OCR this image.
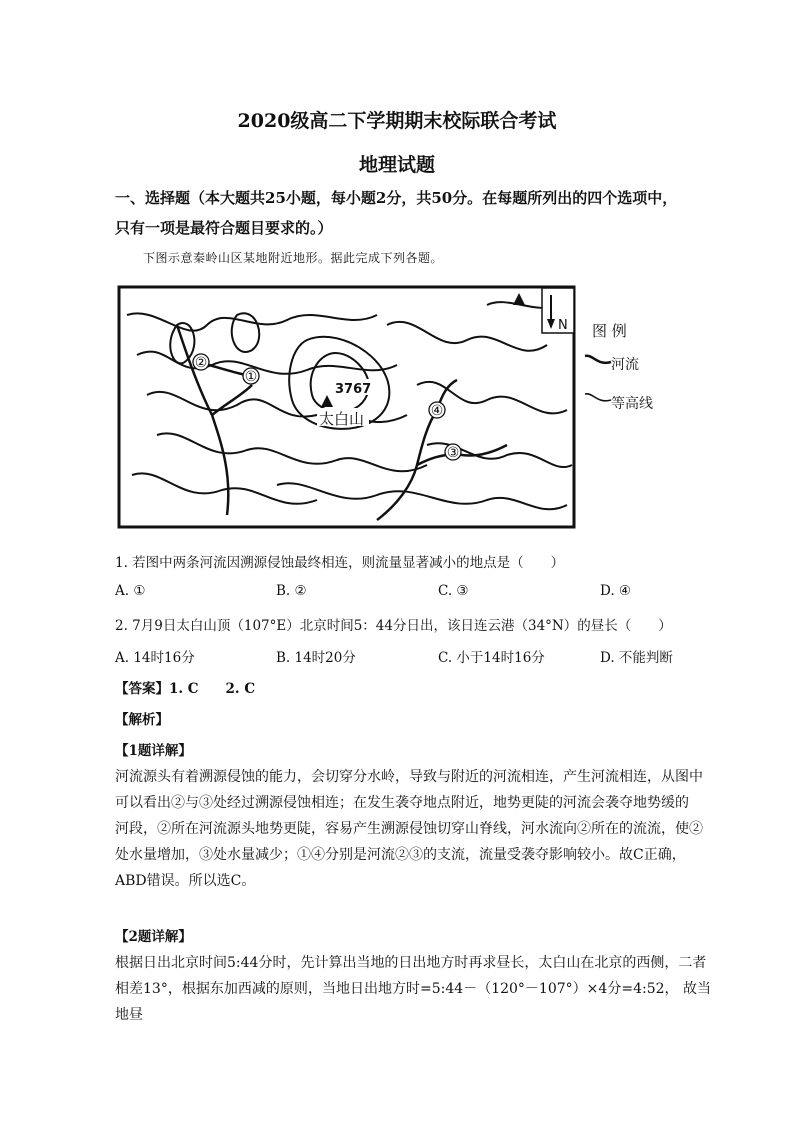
2020级高二下学期期末校际联合考试
地理试题
一、选择题（本大题共25小题，每小题2分，共50分。在每题所列出的四个选项中，
只有一项是最符合题目要求的。）
下图示意秦岭山区某地附近地形。据此完成下列各题。
3767
太白山
N
①
②
③
④
图 例
河流
等高线
1. 若图中两条河流因溯源侵蚀最终相连，则流量显著减小的地点是（　　）
A. ①	B. ②	C. ③	D. ④
2. 7月9日太白山顶（107°E）北京时间5：44分日出，该日连云港（34°N）的昼长（　　）
A. 14时16分	B. 14时20分	C. 小于14时16分	D. 不能判断
【答案】1. C　　2. C
【解析】
【1题详解】
河流源头有着溯源侵蚀的能力，会切穿分水岭，导致与附近的河流相连，产生河流相连，从图中
可以看出②与③处经过溯源侵蚀相连；在发生袭夺地点附近，地势更陡的河流会袭夺地势缓的
河段，②所在河流源头地势更陡，容易产生溯源侵蚀切穿山脊线，河水流向②所在的流流，使②
处水量增加，③处水量减少；①④分别是河流②③的支流，流量受袭夺影响较小。故C正确，
ABD错误。所以选C。
【2题详解】
根据日出北京时间5:44分时，先计算出当地的日出地方时再求昼长，太白山在北京的西侧，二者
相差13°，根据东加西减的原则，当地日出地方时=5:44－（120°－107°）×4分=4:52， 故当地昼
